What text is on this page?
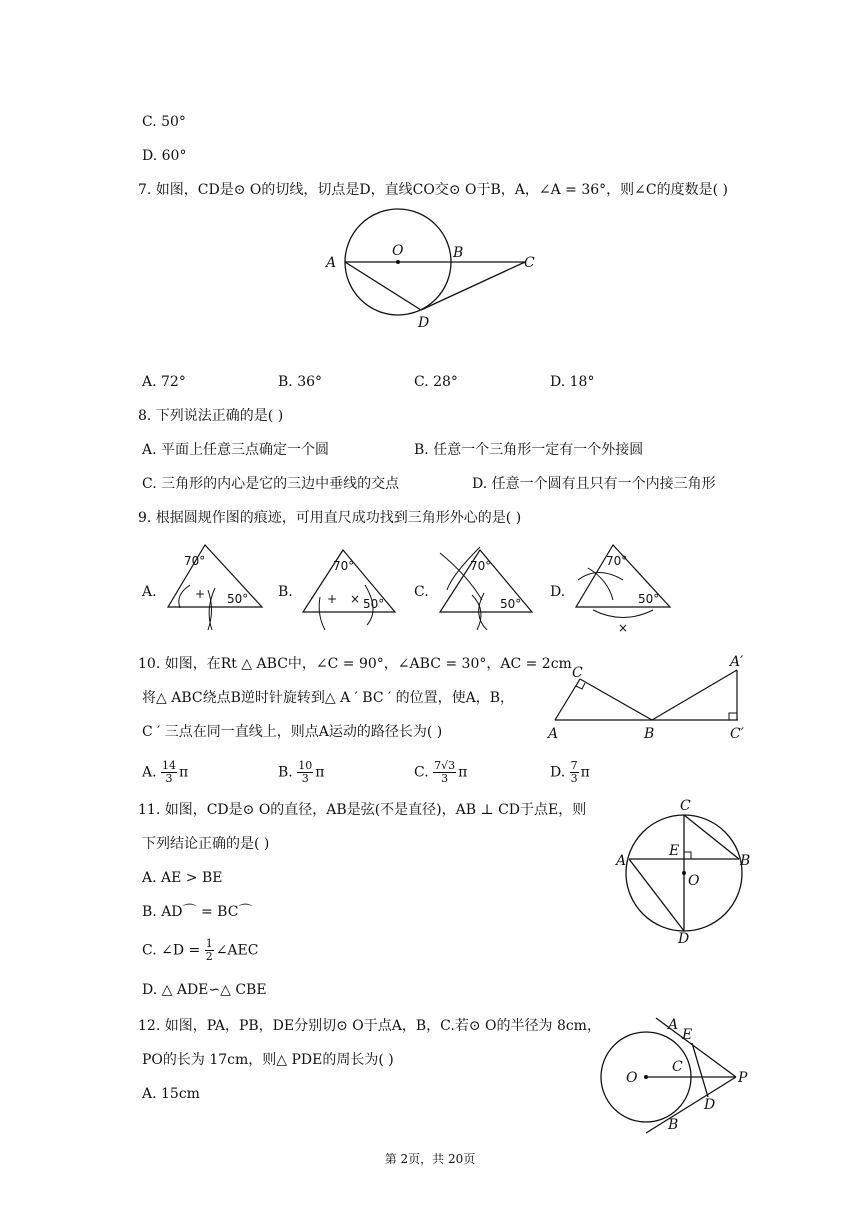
C. 50°
D. 60°
7. 如图，CD是⊙ O的切线，切点是D，直线CO交⊙ O于B，A，∠A = 36°，则∠C的度数是( )
A
O	B
C
D
A. 72°	B. 36°	C. 28°	D. 18°
8. 下列说法正确的是( )
A. 平面上任意三点确定一个圆	B. 任意一个三角形一定有一个外接圆
C. 三角形的内心是它的三边中垂线的交点	D. 任意一个圆有且只有一个内接三角形
9. 根据圆规作图的痕迹，可用直尺成功找到三角形外心的是( )
A.	+
70°
50° B.	+ ×
70°
50°
C.
70°
50°
D.
×
70°
50°
10. 如图，在Rt △ ABC中，∠C = 90°，∠ABC = 30°，AC = 2cm
将△ ABC绕点B逆时针旋转到△ A ′ BC ′ 的位置，使A，B，
C ′ 三点在同一直线上，则点A运动的路径长为( )
C
A′
A	B	C′
A. $\frac{14}{3}$ π	B. $\frac{10}{3}$ π	C. $\frac{7√3}{3}$ π	D. $\frac{7}{3}$ π
11. 如图，CD是⊙ O的直径，AB是弦(不是直径)，AB ⊥ CD于点E，则
下列结论正确的是( )
A. AE > BE
B. AD⌒ = BC⌒
C. ∠D = $\frac{1}{2}$ ∠AEC
D. △ ADE∽△ CBE
C
E
A	B
O
D
12. 如图，PA，PB，DE分别切⊙ O于点A，B，C.若⊙ O的半径为 8cm，
PO的长为 17cm，则△ PDE的周长为( )
A. 15cm
A
E
C
O	P
D
B
第 2页，共 20页
